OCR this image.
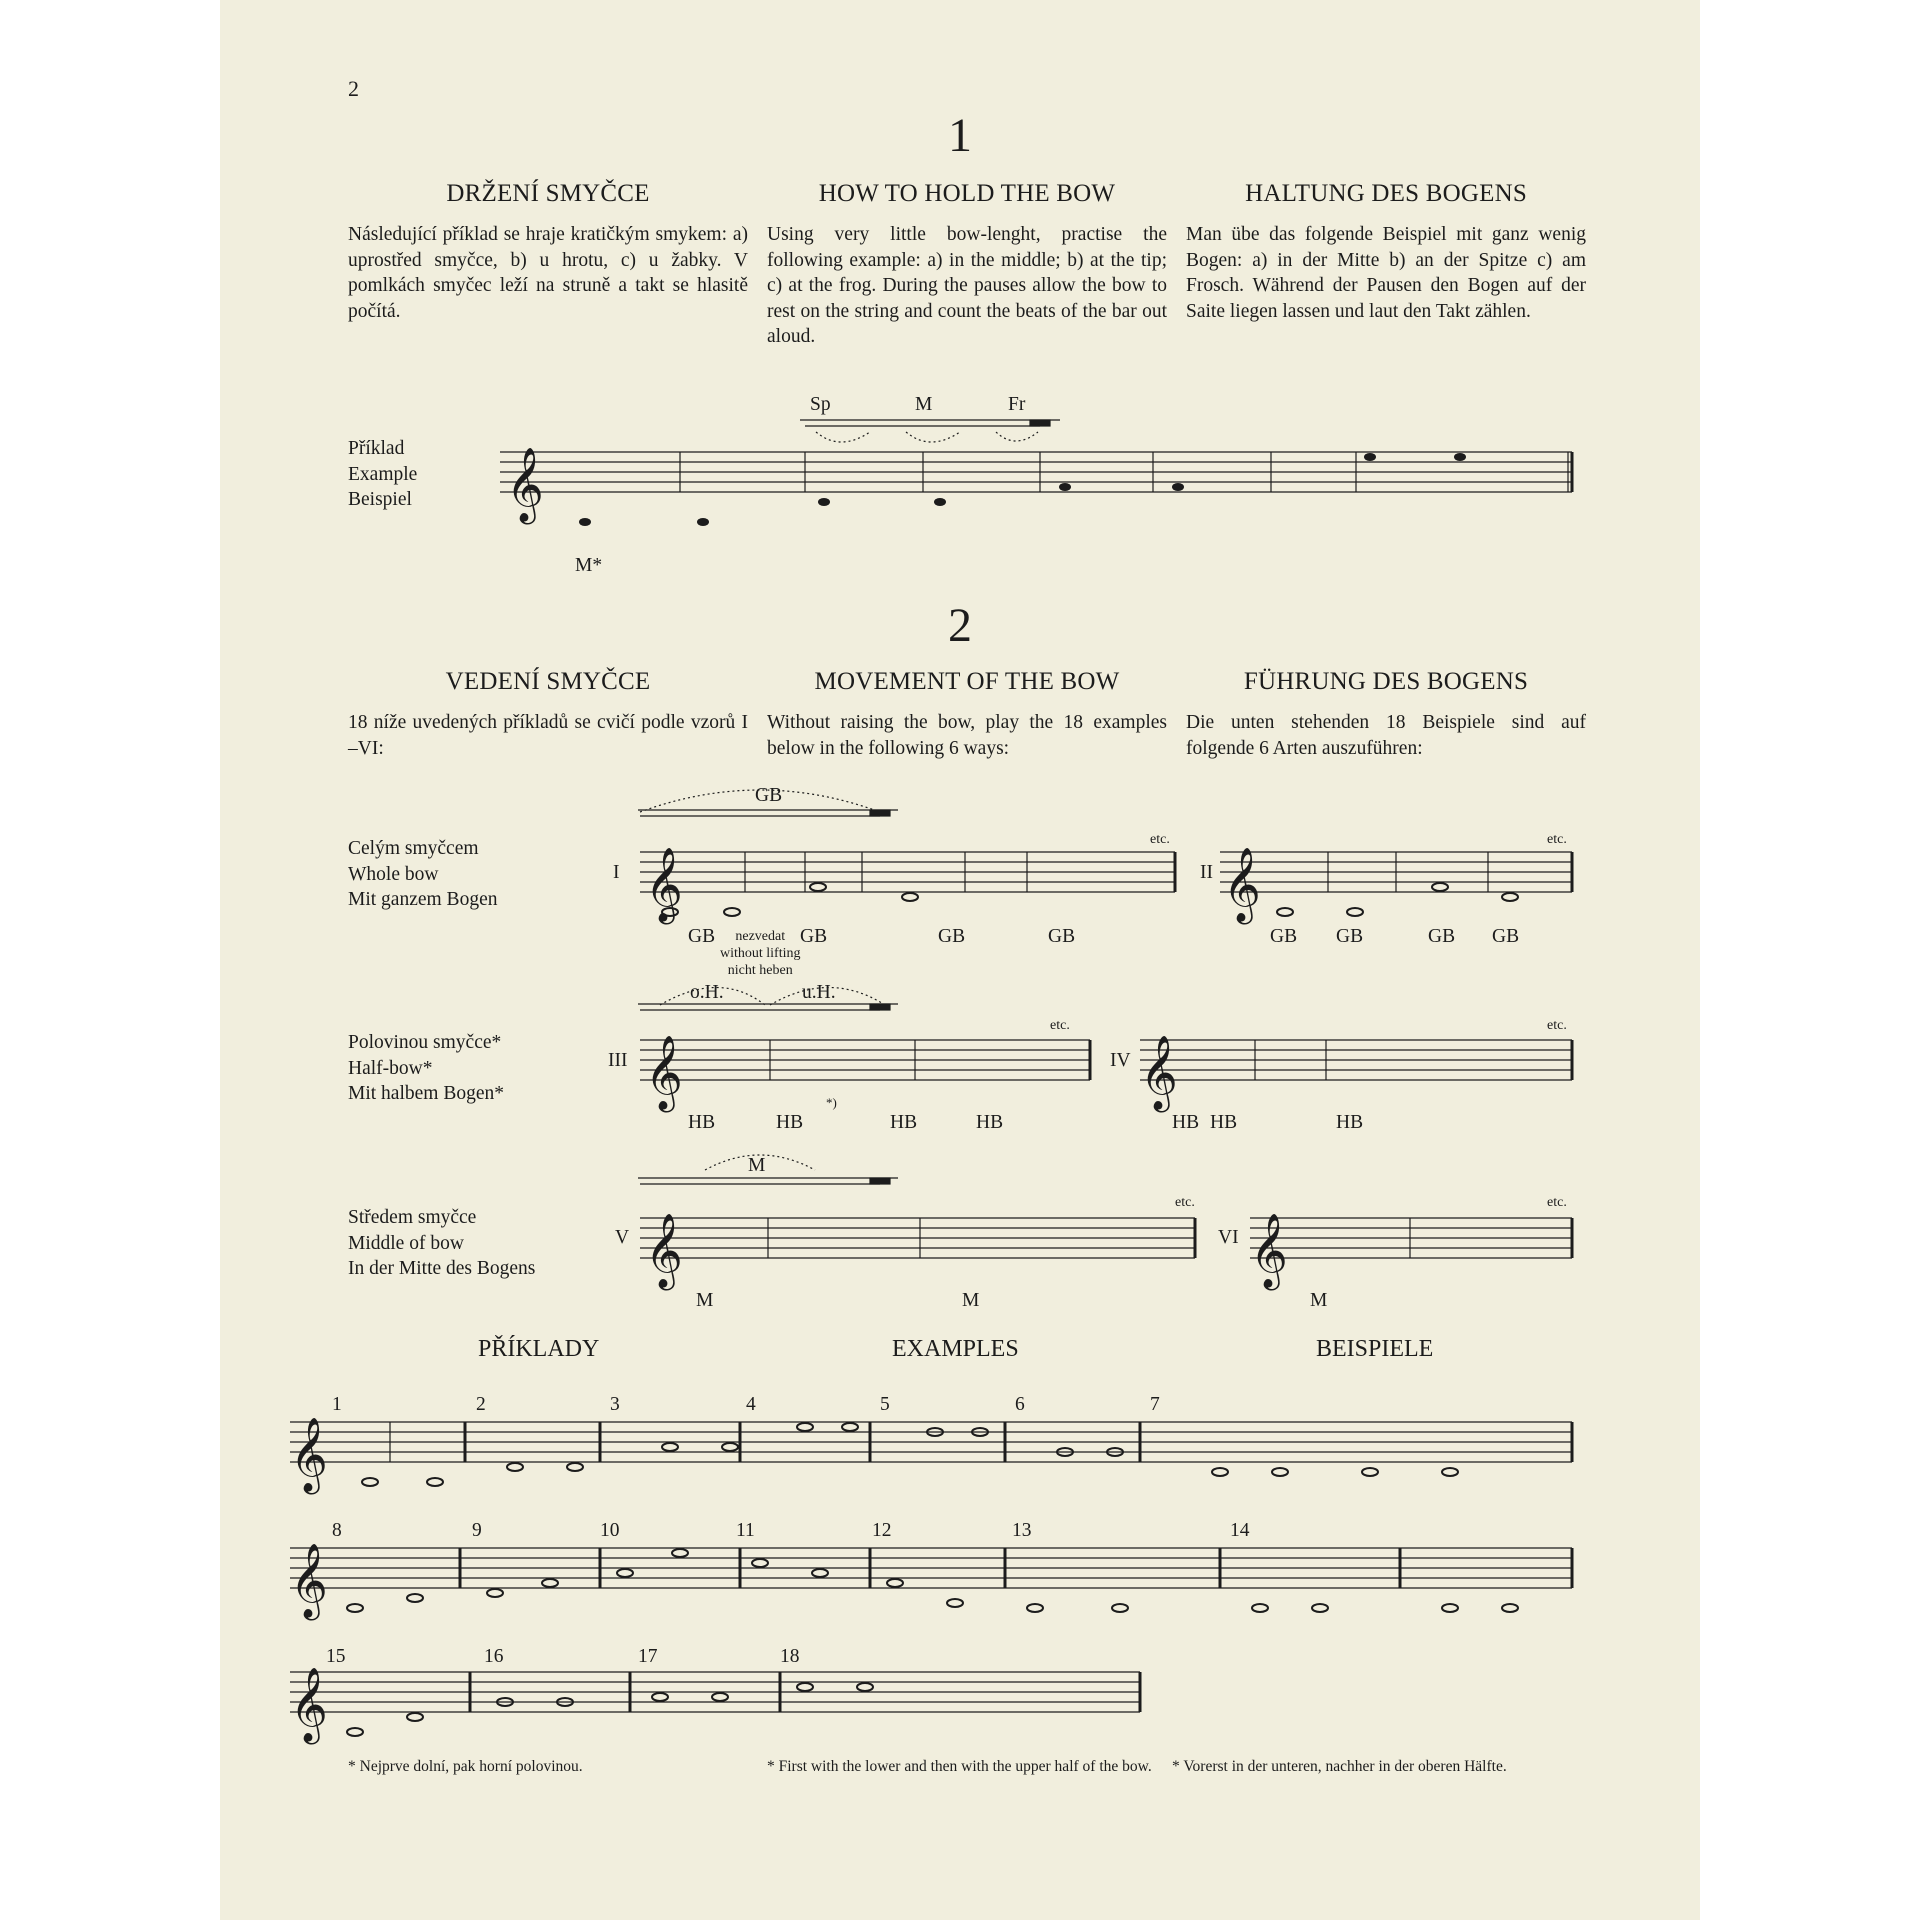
2
1
DRŽENÍ SMYČCE

Následující příklad se hraje kratičkým smykem: a) uprostřed smyčce, b) u hrotu, c) u žabky. V pomlkách smyčec leží na struně a takt se hlasitě počítá.

HOW TO HOLD THE BOW

Using very little bow-lenght, practise the following example: a) in the middle; b) at the tip; c) at the frog. During the pauses allow the bow to rest on the string and count the beats of the bar out aloud.

HALTUNG DES BOGENS

Man übe das folgende Beispiel mit ganz wenig Bogen: a) in der Mitte b) an der Spitze c) am Frosch. Während der Pausen den Bogen auf der Saite liegen lassen und laut den Takt zählen.

Příklad
Example
Beispiel 𝄞
𝄞	𝄞
𝄞	𝄞
𝄞	𝄞
𝄞
𝄞
𝄞
Sp	M	Fr
M*
2
VEDENÍ SMYČCE

18 níže uvedených příkladů se cvičí podle vzorů I –VI:

MOVEMENT OF THE BOW

Without raising the bow, play the 18 examples below in the following 6 ways:

FÜHRUNG DES BOGENS

Die unten stehenden 18 Beispiele sind auf folgende 6 Arten auszuführen:

Celým smyčcem
Whole bow
Mit ganzem Bogen
Polovinou smyčce*
Half-bow*
Mit halbem Bogen*
Středem smyčce
Middle of bow
In der Mitte des Bogens
GB
o.H.	u.H.
M
I	II
III	IV
V	VI
etc.	etc.
etc.	etc.
etc.	etc.
GB	nezvedat
without lifting
nicht heben
GB	GB	GB	GB GB	GB GB
HB	HB
*)
HB	HB	HB HB	HB
M	M	M
PŘÍKLADY	EXAMPLES	BEISPIELE
1	2	3	4	5	6	7
8	9	10	11	12	13	14
15	16	17	18
* Nejprve dolní, pak horní polovinou.	* First with the lower and then with the upper half of the bow.	* Vorerst in der unteren, nachher in der oberen Hälfte.
